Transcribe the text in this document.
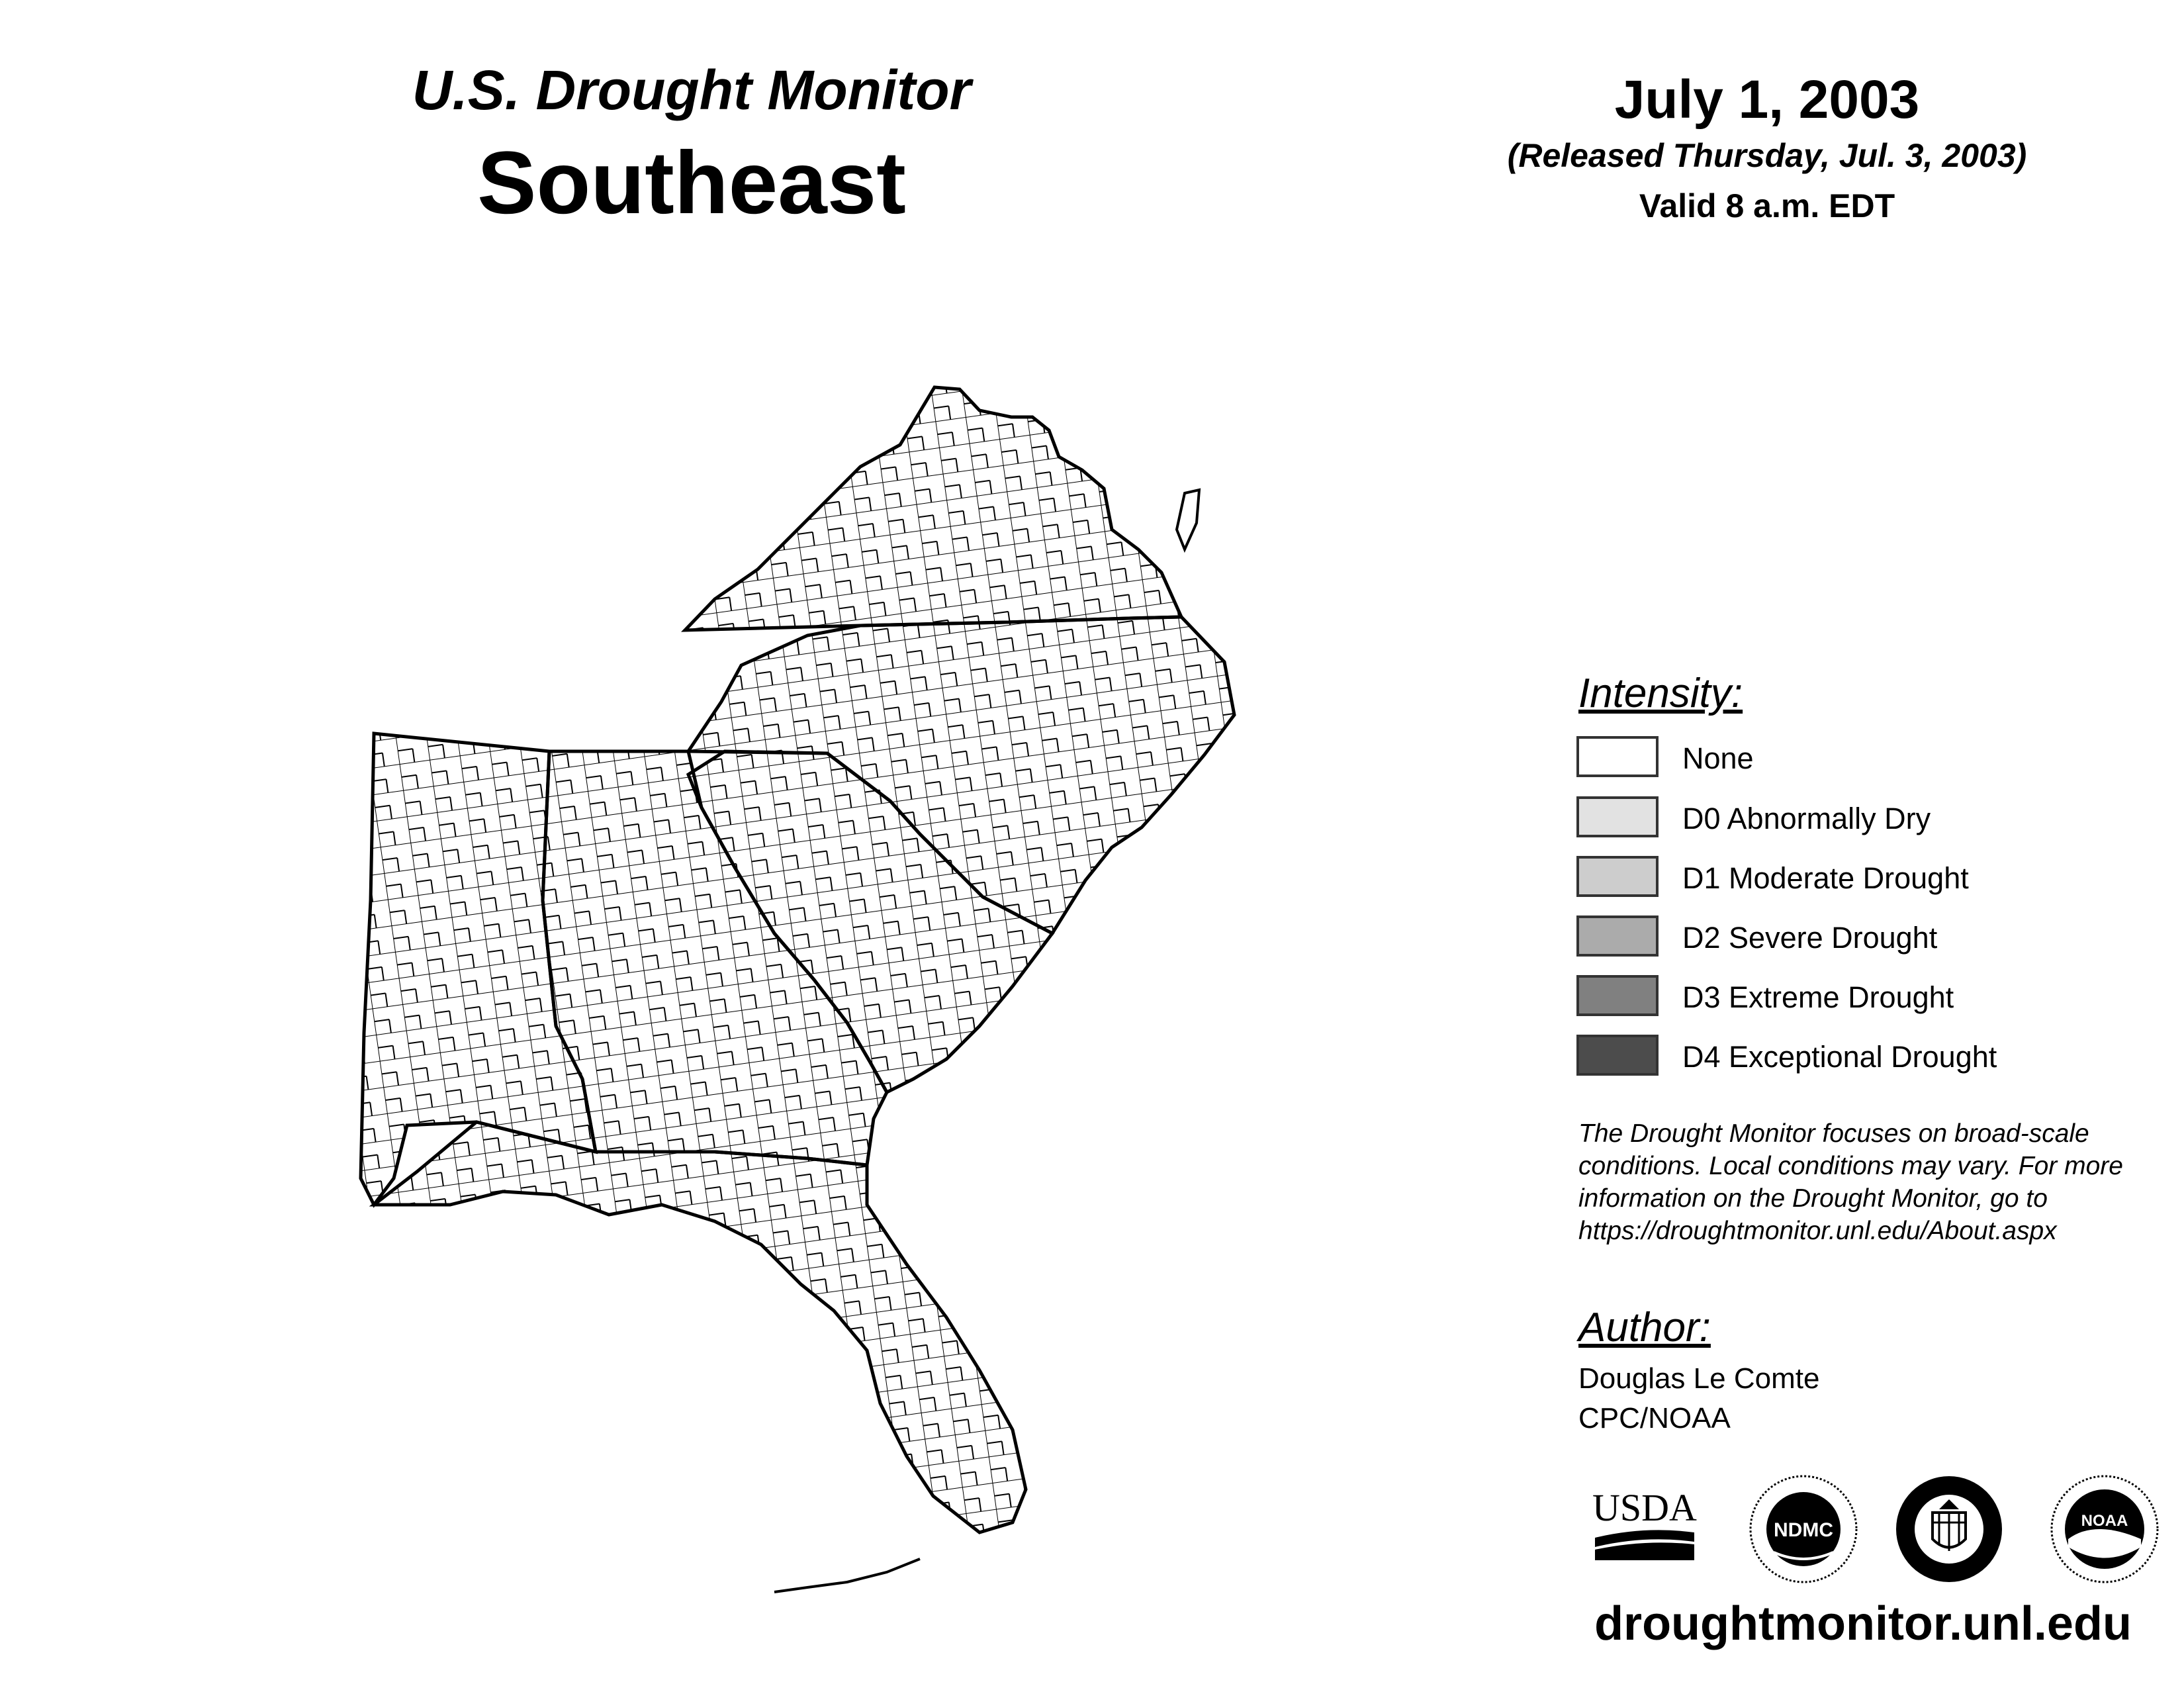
U.S. Drought Monitor
Southeast
July 1, 2003
(Released Thursday, Jul. 3, 2003)
Valid 8 a.m. EDT
Intensity:
The Drought Monitor focuses on broad-scale
conditions. Local conditions may vary. For more
information on the Drought Monitor, go to
https://droughtmonitor.unl.edu/About.aspx
Author:
Douglas Le Comte
CPC/NOAA
USDA
NDMC	NOAA
droughtmonitor.unl.edu
None
D0 Abnormally Dry
D1 Moderate Drought
D2 Severe Drought
D3 Extreme Drought
D4 Exceptional Drought
